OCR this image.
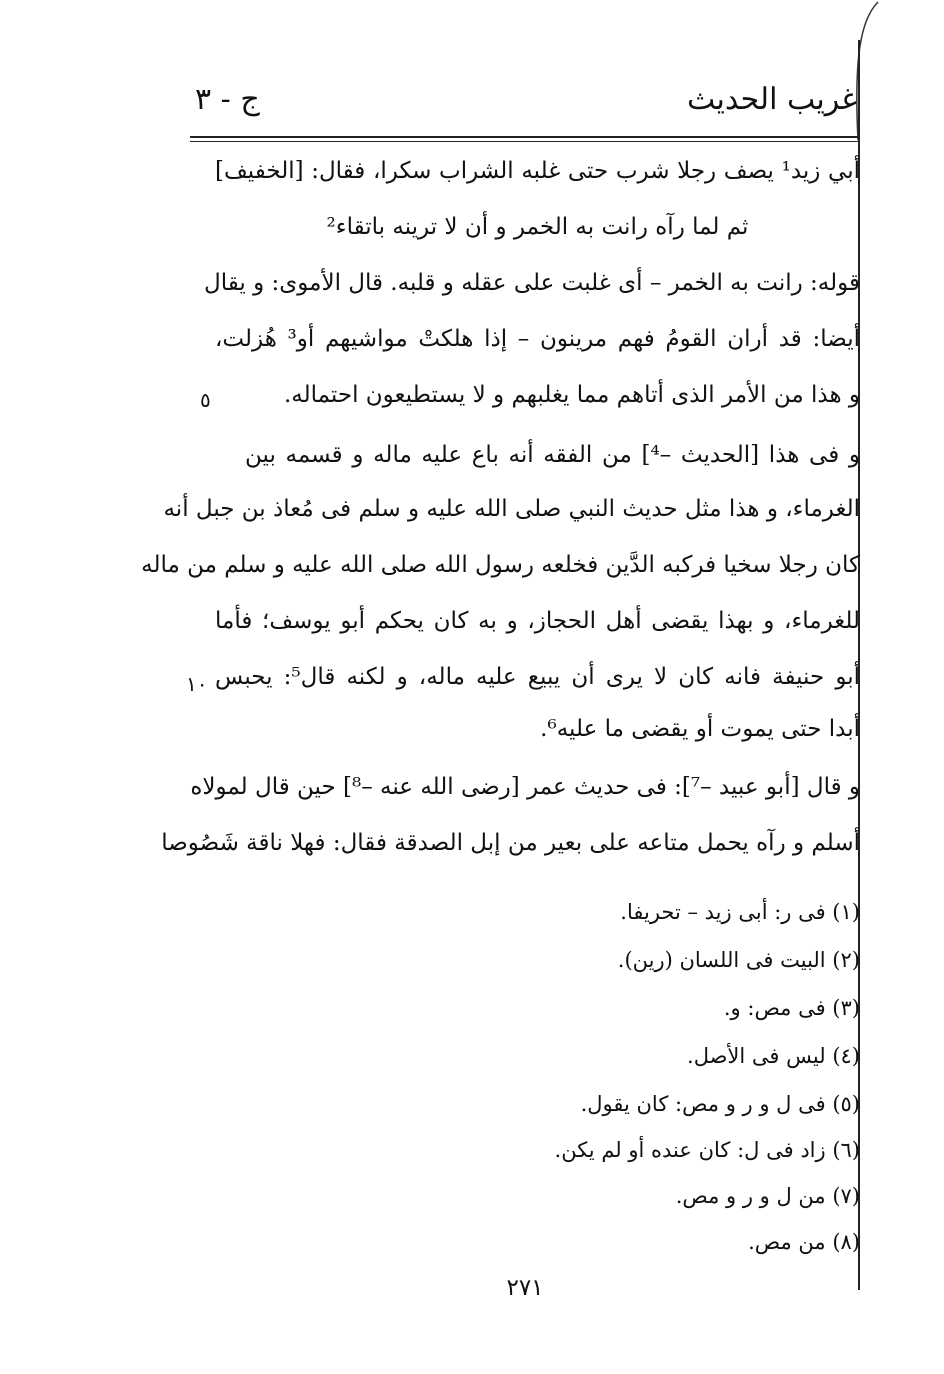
غريب الحديث
ج - ٣
أبي زيد¹ يصف رجلا شرب حتى غلبه الشراب سكرا، فقال: [الخفيف]
ثم لما رآه رانت به الخمر و أن لا ترينه باتقاء²
قوله: رانت به الخمر – أى غلبت على عقله و قلبه. قال الأموى: و يقال
أيضا: قد أران القومُ فهم مرينون – إذا هلكتْ مواشيهم أو³ هُزلت،
و هذا من الأمر الذى أتاهم مما يغلبهم و لا يستطيعون احتماله.
و فى هذا [الحديث –⁴] من الفقه أنه باع عليه ماله و قسمه بين
الغرماء، و هذا مثل حديث النبي صلى الله عليه و سلم فى مُعاذ بن جبل أنه
كان رجلا سخيا فركبه الدَّين فخلعه رسول الله صلى الله عليه و سلم من ماله
للغرماء، و بهذا يقضى أهل الحجاز، و به كان يحكم أبو يوسف؛ فأما
أبو حنيفة فانه كان لا يرى أن يبيع عليه ماله، و لكنه قال⁵: يحبس
أبدا حتى يموت أو يقضى ما عليه⁶.
و قال [أبو عبيد –⁷]: فى حديث عمر [رضى الله عنه –⁸] حين قال لمولاه
أسلم و رآه يحمل متاعه على بعير من إبل الصدقة فقال: فهلا ناقة شَصُوصا
٥
١٠
(١) فى ر: أبى زيد – تحريفا.
(٢) البيت فى اللسان (رين).
(٣) فى مص: و.
(٤) ليس فى الأصل.
(٥) فى ل و ر و مص: كان يقول.
(٦) زاد فى ل: كان عنده أو لم يكن.
(٧) من ل و ر و مص.
(٨) من مص.
٢٧١
